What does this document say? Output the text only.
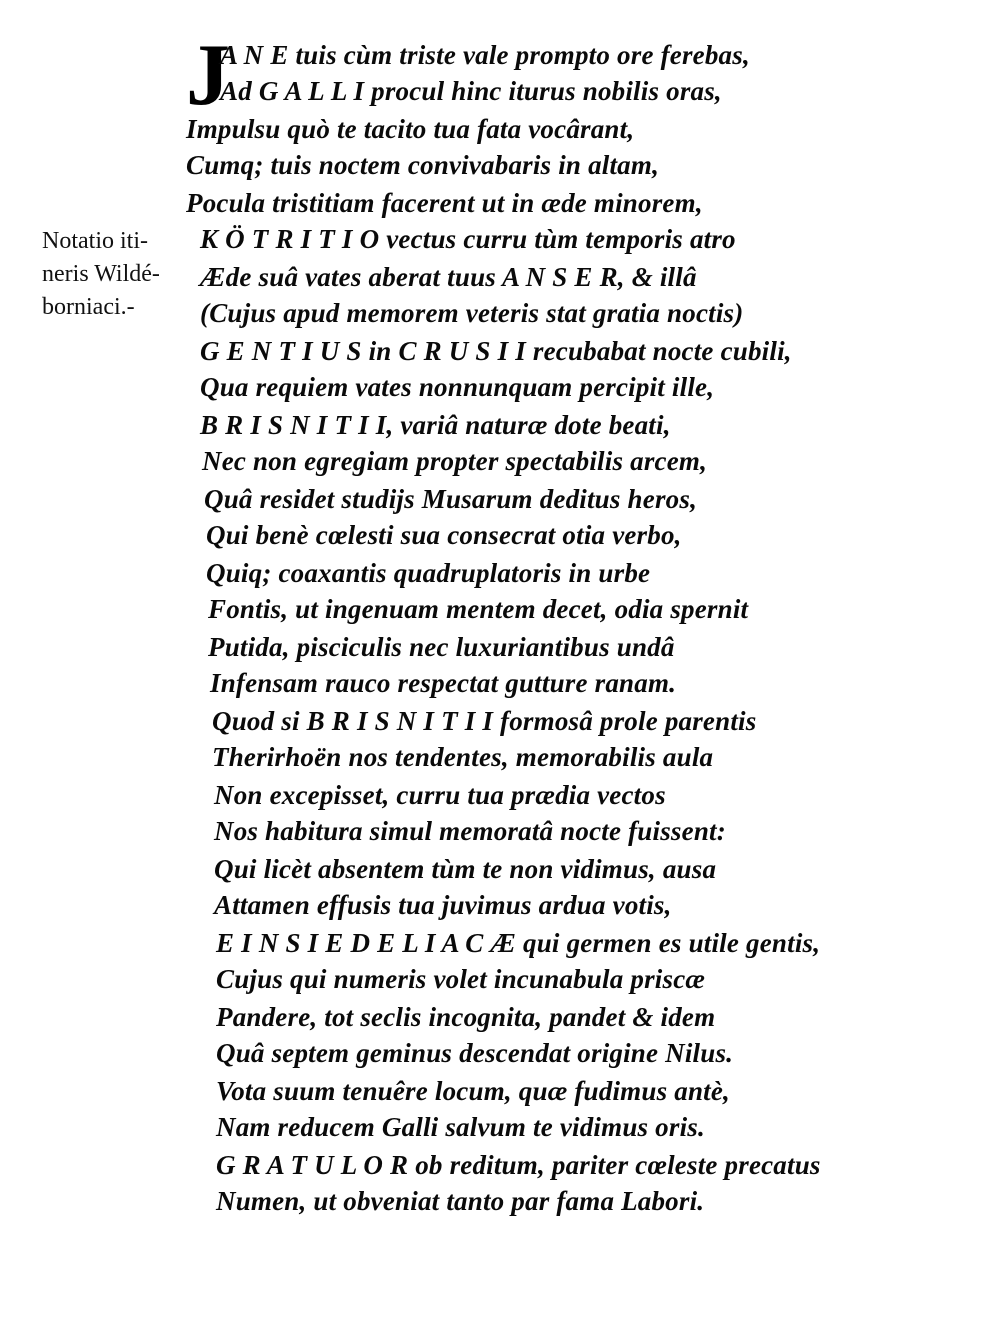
Notatio iti-
neris Wildé-
borniaci.-
J
A N E tuis cùm triste vale prompto ore ferebas,
Ad G A L L I procul hinc iturus nobilis oras,
Impulsu quò te tacito tua fata vocârant,
Cumq; tuis noctem convivabaris in altam,
Pocula tristitiam facerent ut in æde minorem,
K Ö T R I T I O vectus curru tùm temporis atro
Æde suâ vates aberat tuus A N S E R, & illâ
(Cujus apud memorem veteris stat gratia noctis)
G E N T I U S in C R U S I I recubabat nocte cubili,
Qua requiem vates nonnunquam percipit ille,
B R I S N I T I I, variâ naturæ dote beati,
Nec non egregiam propter spectabilis arcem,
Quâ residet studijs Musarum deditus heros,
Qui benè cœlesti sua consecrat otia verbo,
Quiq; coaxantis quadruplatoris in urbe
Fontis, ut ingenuam mentem decet, odia spernit
Putida, pisciculis nec luxuriantibus undâ
Infensam rauco respectat gutture ranam.
Quod si B R I S N I T I I formosâ prole parentis
Therirhoën nos tendentes, memorabilis aula
Non excepisset, curru tua prædia vectos
Nos habitura simul memoratâ nocte fuissent:
Qui licèt absentem tùm te non vidimus, ausa
Attamen effusis tua juvimus ardua votis,
E I N S I E D E L I A C Æ qui germen es utile gentis,
Cujus qui numeris volet incunabula priscæ
Pandere, tot seclis incognita, pandet & idem
Quâ septem geminus descendat origine Nilus.
Vota suum tenuêre locum, quæ fudimus antè,
Nam reducem Galli salvum te vidimus oris.
G R A T U L O R ob reditum, pariter cœleste precatus
Numen, ut obveniat tanto par fama Labori.
